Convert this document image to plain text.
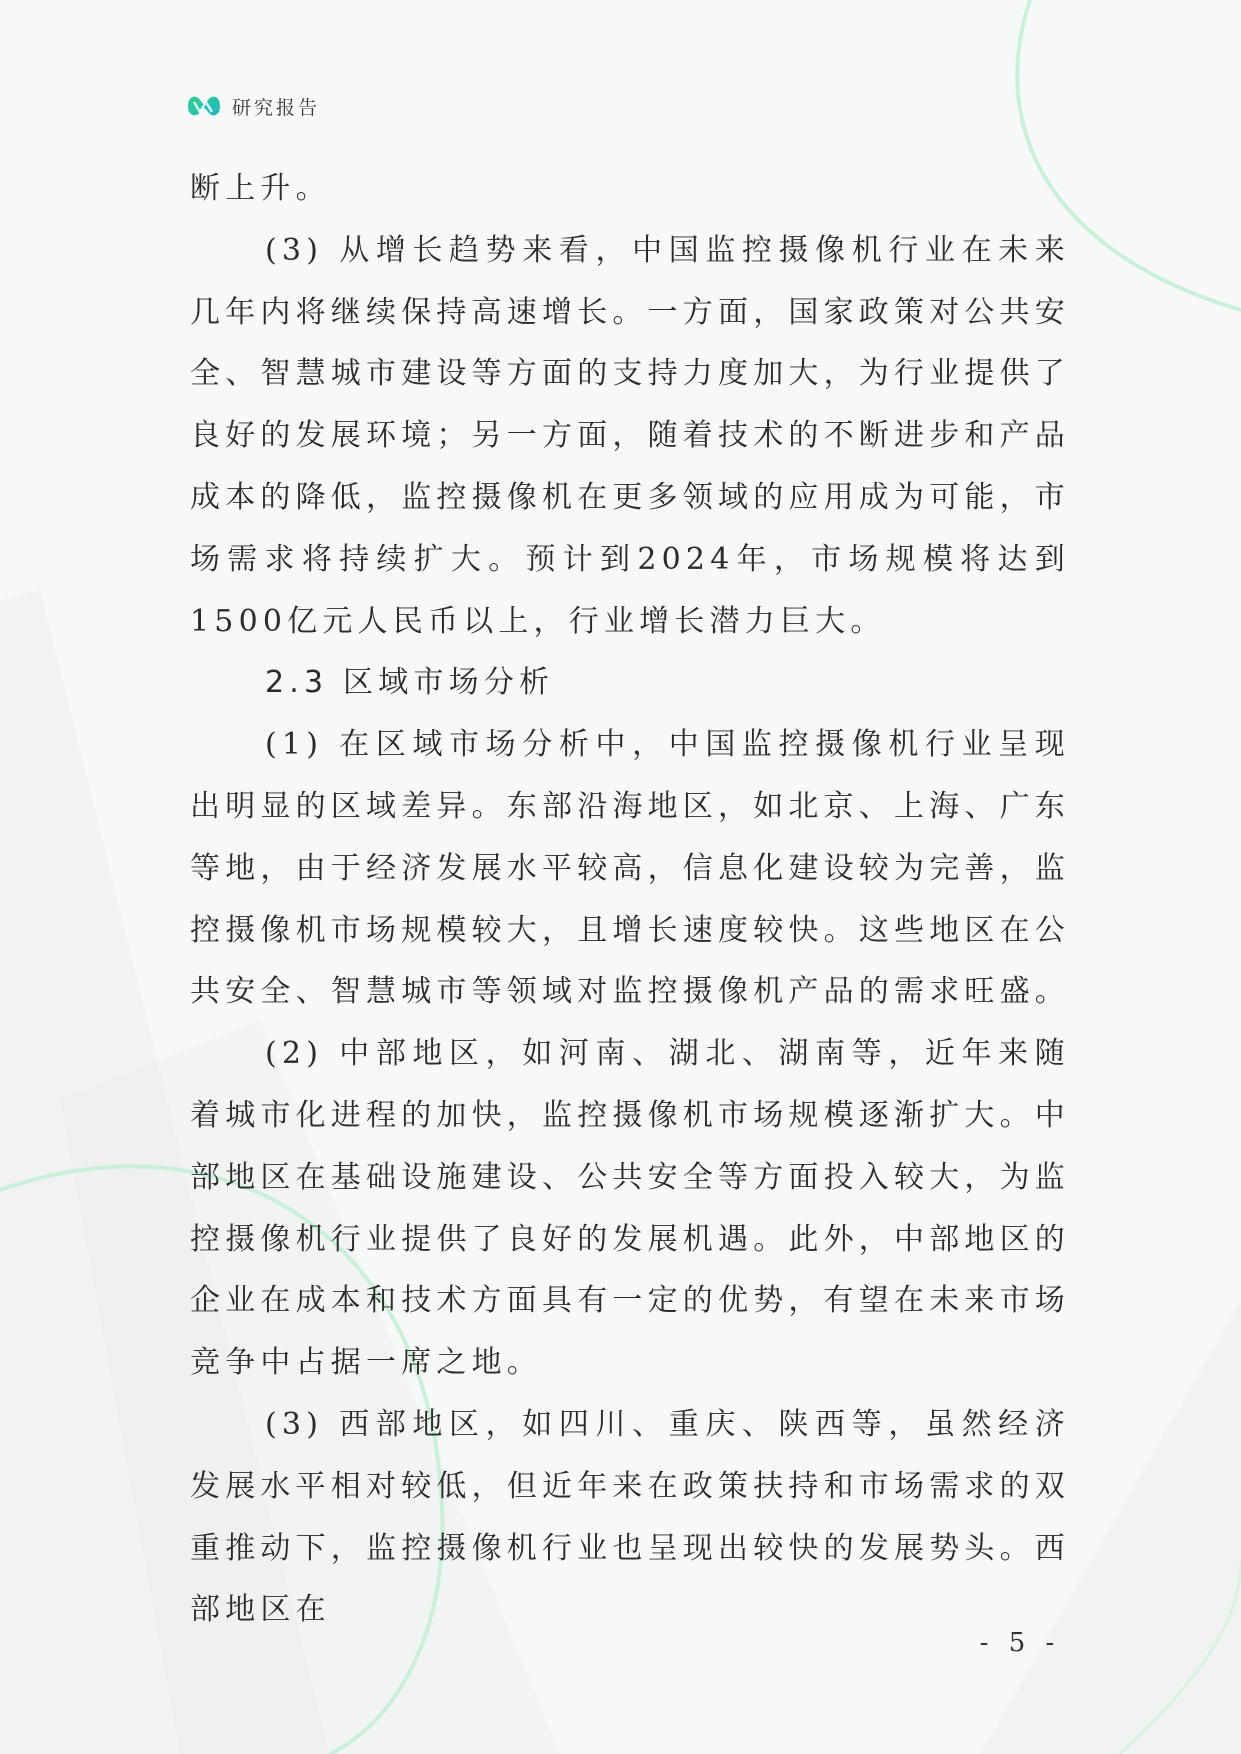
研究报告

断上升。

(3) 从增长趋势来看，中国监控摄像机行业在未来几年内将继续保持高速增长。一方面，国家政策对公共安全、智慧城市建设等方面的支持力度加大，为行业提供了良好的发展环境；另一方面，随着技术的不断进步和产品成本的降低，监控摄像机在更多领域的应用成为可能，市场需求将持续扩大。预计到2024年，市场规模将达到1500亿元人民币以上，行业增长潜力巨大。

2.3 区域市场分析

(1) 在区域市场分析中，中国监控摄像机行业呈现出明显的区域差异。东部沿海地区，如北京、上海、广东等地，由于经济发展水平较高，信息化建设较为完善，监控摄像机市场规模较大，且增长速度较快。这些地区在公共安全、智慧城市等领域对监控摄像机产品的需求旺盛。

(2) 中部地区，如河南、湖北、湖南等，近年来随着城市化进程的加快，监控摄像机市场规模逐渐扩大。中部地区在基础设施建设、公共安全等方面投入较大，为监控摄像机行业提供了良好的发展机遇。此外，中部地区的企业在成本和技术方面具有一定的优势，有望在未来市场竞争中占据一席之地。

(3) 西部地区，如四川、重庆、陕西等，虽然经济发展水平相对较低，但近年来在政策扶持和市场需求的双重推动下，监控摄像机行业也呈现出较快的发展势头。西部地区在

- 5 -
